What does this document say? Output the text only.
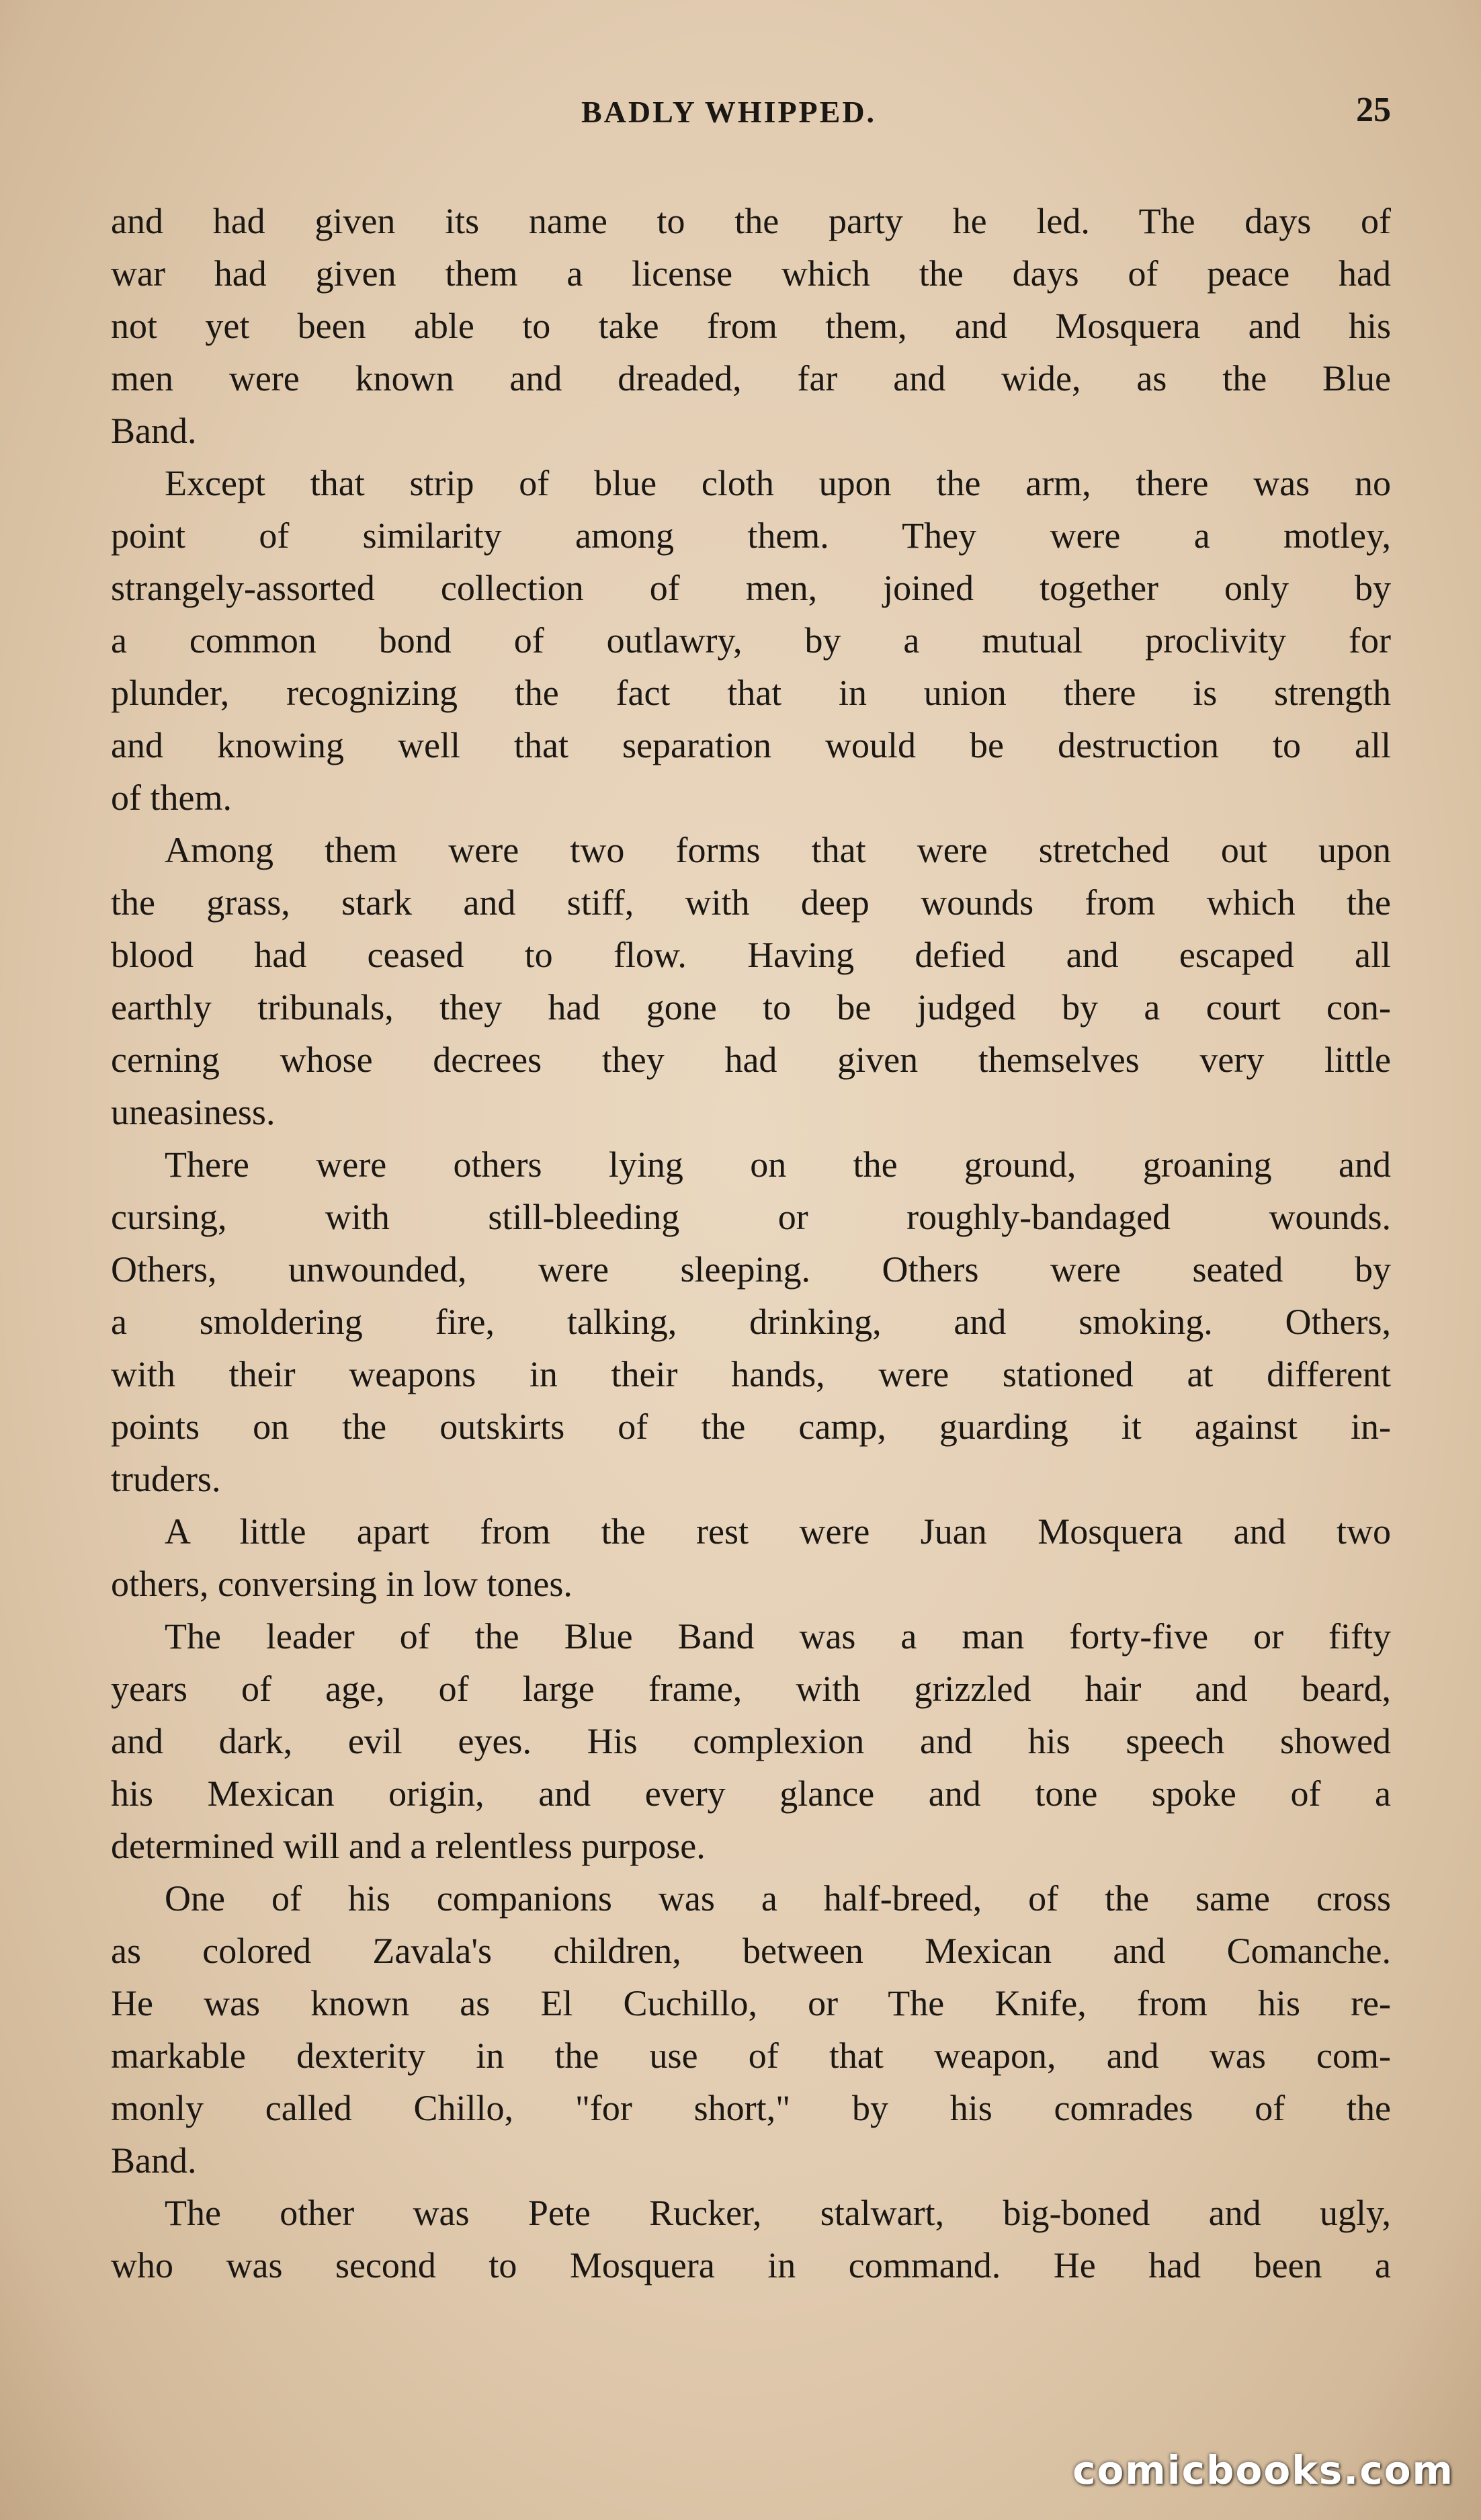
BADLY WHIPPED.	25
and had given its name to the party he led. The days of
war had given them a license which the days of peace had
not yet been able to take from them, and Mosquera and his
men were known and dreaded, far and wide, as the Blue
Band.
Except that strip of blue cloth upon the arm, there was no
point of similarity among them. They were a motley,
strangely-assorted collection of men, joined together only by
a common bond of outlawry, by a mutual proclivity for
plunder, recognizing the fact that in union there is strength
and knowing well that separation would be destruction to all
of them.
Among them were two forms that were stretched out upon
the grass, stark and stiff, with deep wounds from which the
blood had ceased to flow. Having defied and escaped all
earthly tribunals, they had gone to be judged by a court con-
cerning whose decrees they had given themselves very little
uneasiness.
There were others lying on the ground, groaning and
cursing, with still-bleeding or roughly-bandaged wounds.
Others, unwounded, were sleeping. Others were seated by
a smoldering fire, talking, drinking, and smoking. Others,
with their weapons in their hands, were stationed at different
points on the outskirts of the camp, guarding it against in-
truders.
A little apart from the rest were Juan Mosquera and two
others, conversing in low tones.
The leader of the Blue Band was a man forty-five or fifty
years of age, of large frame, with grizzled hair and beard,
and dark, evil eyes. His complexion and his speech showed
his Mexican origin, and every glance and tone spoke of a
determined will and a relentless purpose.
One of his companions was a half-breed, of the same cross
as colored Zavala's children, between Mexican and Comanche.
He was known as El Cuchillo, or The Knife, from his re-
markable dexterity in the use of that weapon, and was com-
monly called Chillo, "for short," by his comrades of the
Band.
The other was Pete Rucker, stalwart, big-boned and ugly,
who was second to Mosquera in command. He had been a
comicbooks.com
